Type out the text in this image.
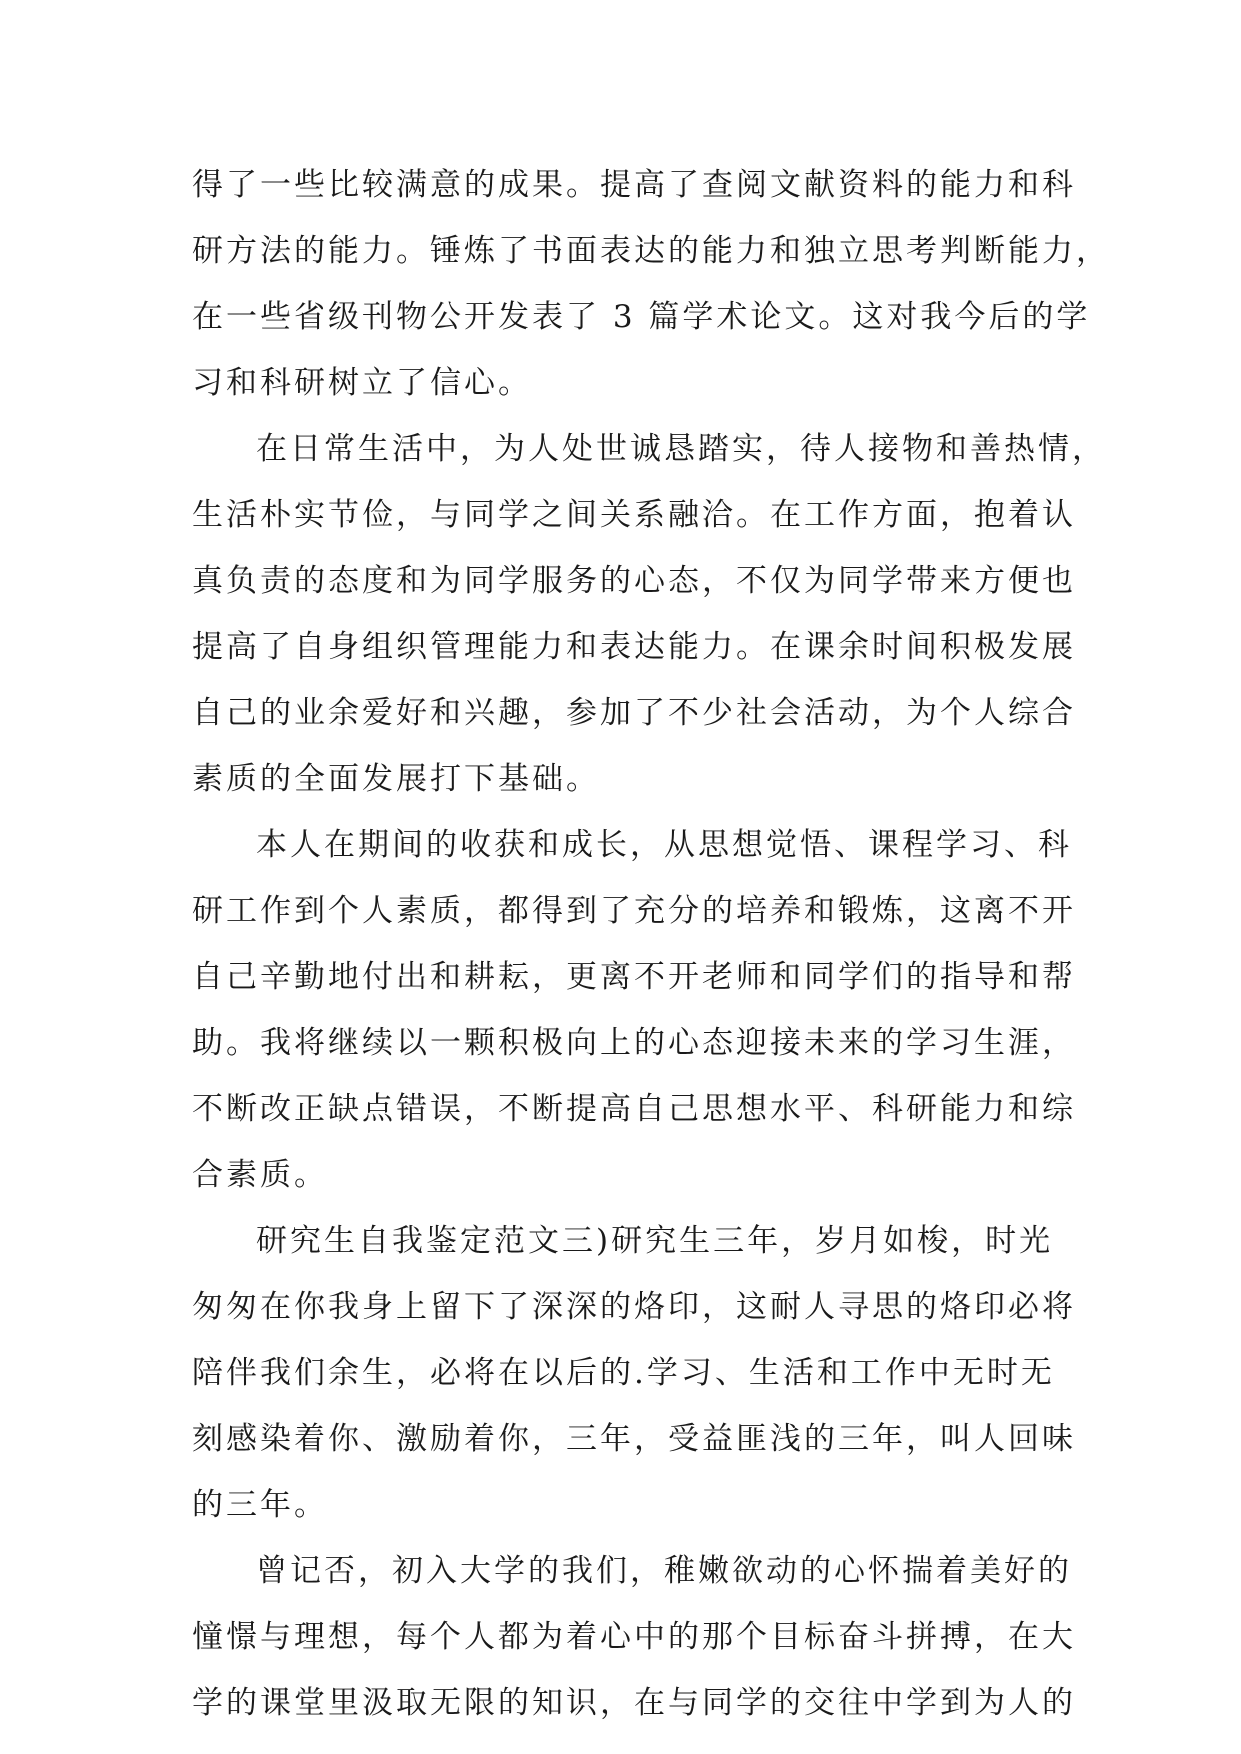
得了一些比较满意的成果。提高了查阅文献资料的能力和科
研方法的能力。锤炼了书面表达的能力和独立思考判断能力，
在一些省级刊物公开发表了 3 篇学术论文。这对我今后的学
习和科研树立了信心。
在日常生活中，为人处世诚恳踏实，待人接物和善热情，
生活朴实节俭，与同学之间关系融洽。在工作方面，抱着认
真负责的态度和为同学服务的心态，不仅为同学带来方便也
提高了自身组织管理能力和表达能力。在课余时间积极发展
自己的业余爱好和兴趣，参加了不少社会活动，为个人综合
素质的全面发展打下基础。
本人在期间的收获和成长，从思想觉悟、课程学习、科
研工作到个人素质，都得到了充分的培养和锻炼，这离不开
自己辛勤地付出和耕耘，更离不开老师和同学们的指导和帮
助。我将继续以一颗积极向上的心态迎接未来的学习生涯，
不断改正缺点错误，不断提高自己思想水平、科研能力和综
合素质。
研究生自我鉴定范文三)研究生三年，岁月如梭，时光
匆匆在你我身上留下了深深的烙印，这耐人寻思的烙印必将
陪伴我们余生，必将在以后的.学习、生活和工作中无时无
刻感染着你、激励着你，三年，受益匪浅的三年，叫人回味
的三年。
曾记否，初入大学的我们，稚嫩欲动的心怀揣着美好的
憧憬与理想，每个人都为着心中的那个目标奋斗拼搏，在大
学的课堂里汲取无限的知识，在与同学的交往中学到为人的
